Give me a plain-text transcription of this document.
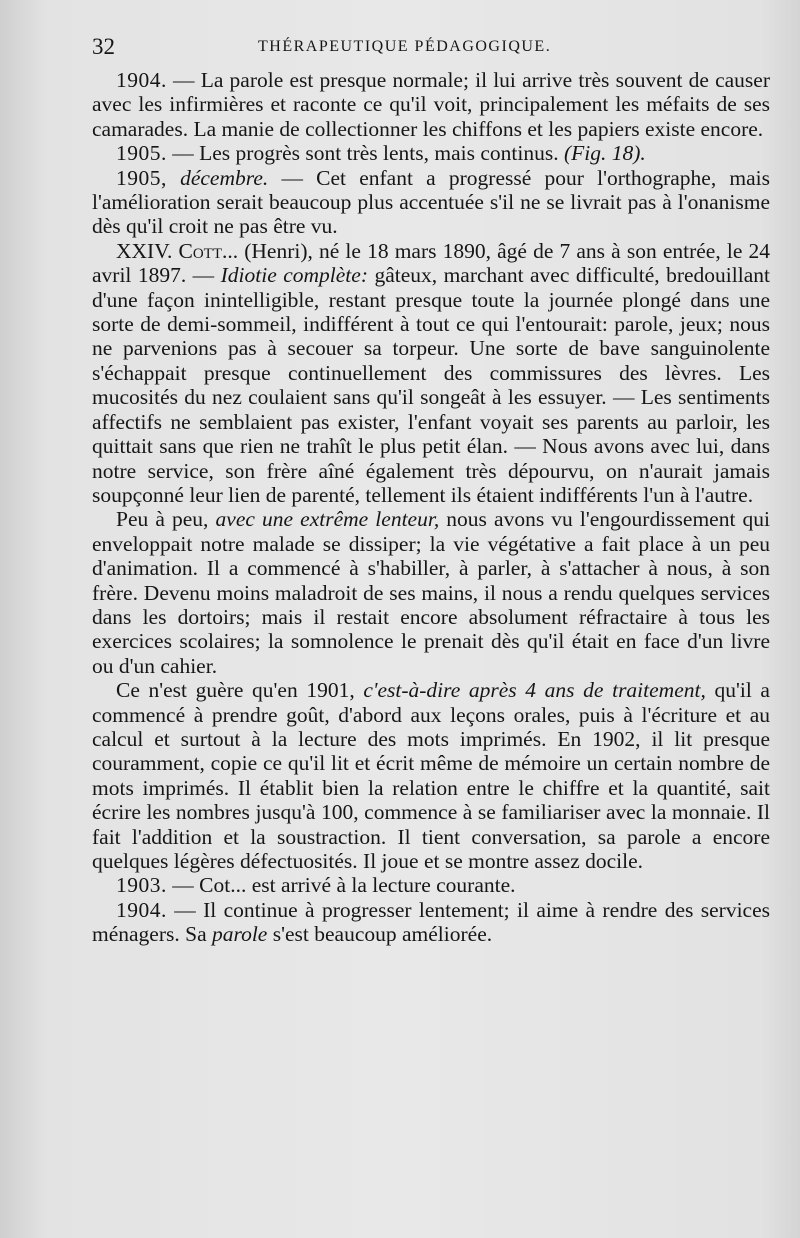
32	THÉRAPEUTIQUE PÉDAGOGIQUE.

1904. — La parole est presque normale; il lui arrive très souvent de causer avec les infirmières et raconte ce qu'il voit, principalement les méfaits de ses camarades. La manie de collectionner les chiffons et les papiers existe encore.

1905. — Les progrès sont très lents, mais continus. (Fig. 18).

1905, décembre. — Cet enfant a progressé pour l'orthographe, mais l'amélioration serait beaucoup plus accentuée s'il ne se livrait pas à l'onanisme dès qu'il croit ne pas être vu.

XXIV. Cott... (Henri), né le 18 mars 1890, âgé de 7 ans à son entrée, le 24 avril 1897. — Idiotie complète: gâteux, marchant avec difficulté, bredouillant d'une façon inintelligible, restant presque toute la journée plongé dans une sorte de demi-sommeil, indifférent à tout ce qui l'entourait: parole, jeux; nous ne parvenions pas à secouer sa torpeur. Une sorte de bave sanguinolente s'échappait presque continuellement des commissures des lèvres. Les mucosités du nez coulaient sans qu'il songeât à les essuyer. — Les sentiments affectifs ne semblaient pas exister, l'enfant voyait ses parents au parloir, les quittait sans que rien ne trahît le plus petit élan. — Nous avons avec lui, dans notre service, son frère aîné également très dépourvu, on n'aurait jamais soupçonné leur lien de parenté, tellement ils étaient indifférents l'un à l'autre.

Peu à peu, avec une extrême lenteur, nous avons vu l'engourdissement qui enveloppait notre malade se dissiper; la vie végétative a fait place à un peu d'animation. Il a commencé à s'habiller, à parler, à s'attacher à nous, à son frère. Devenu moins maladroit de ses mains, il nous a rendu quelques services dans les dortoirs; mais il restait encore absolument réfractaire à tous les exercices scolaires; la somnolence le prenait dès qu'il était en face d'un livre ou d'un cahier.

Ce n'est guère qu'en 1901, c'est-à-dire après 4 ans de traitement, qu'il a commencé à prendre goût, d'abord aux leçons orales, puis à l'écriture et au calcul et surtout à la lecture des mots imprimés. En 1902, il lit presque couramment, copie ce qu'il lit et écrit même de mémoire un certain nombre de mots imprimés. Il établit bien la relation entre le chiffre et la quantité, sait écrire les nombres jusqu'à 100, commence à se familiariser avec la monnaie. Il fait l'addition et la soustraction. Il tient conversation, sa parole a encore quelques légères défectuosités. Il joue et se montre assez docile.

1903. — Cot... est arrivé à la lecture courante.

1904. — Il continue à progresser lentement; il aime à rendre des services ménagers. Sa parole s'est beaucoup améliorée.
